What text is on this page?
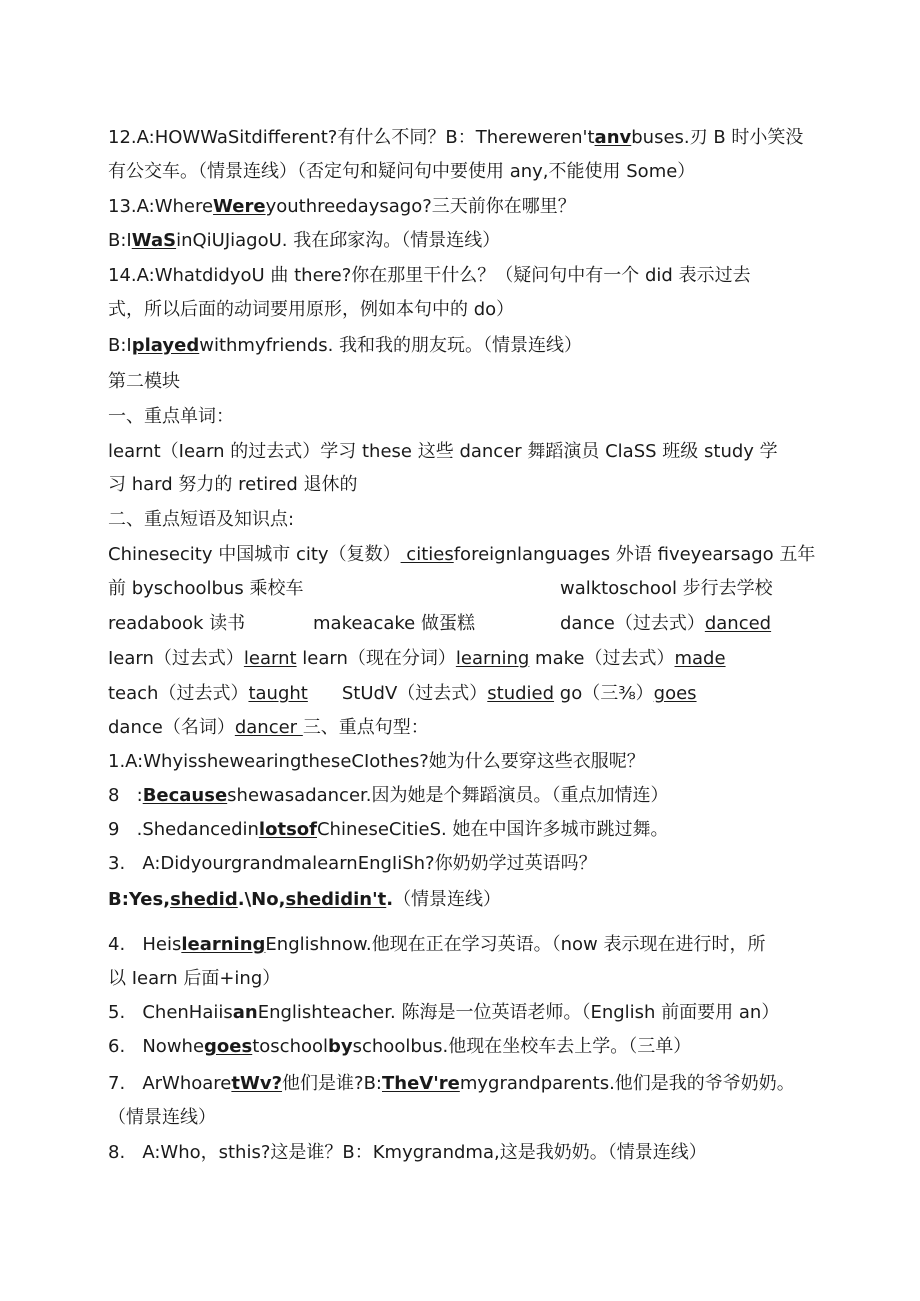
12.A:HOWWaSitdifferent?有什么不同？B：Thereweren'tanvbuses.刃 B 时小笑没
有公交车。（情景连线）（否定句和疑问句中要使用 any,不能使用 Some）
13.A:WhereWereyouthreedaysago?三天前你在哪里？
B:IWaSinQiUJiagoU. 我在邱家沟。（情景连线）
14.A:WhatdidyoU 曲 there?你在那里干什么？（疑问句中有一个 did 表示过去
式，所以后面的动词要用原形，例如本句中的 do）
B:Iplayedwithmyfriends. 我和我的朋友玩。（情景连线）
第二模块
一、重点单词：
learnt（Iearn 的过去式）学习 these 这些 dancer 舞蹈演员 ClaSS 班级 study 学
习 hard 努力的 retired 退休的
二、重点短语及知识点:
Chinesecity 中国城市 city（复数） citiesforeignlanguages 外语 fiveyearsago 五年
前 byschoolbus 乘校车	walktoschool 步行去学校
readabook 读书	makeacake 做蛋糕	dance（过去式）danced
Iearn（过去式）learnt learn（现在分词）learning make（过去式）made
teach（过去式）taught StUdV（过去式）studied go（三⅜）goes
dance（名词）dancer 三、重点句型：
1.A:WhyisshewearingtheseCIothes?她为什么要穿这些衣服呢？
8   :Becauseshewasadancer.因为她是个舞蹈演员。（重点加情连）
9   .ShedancedinlotsofChineseCitieS. 她在中国许多城市跳过舞。
3.   A:DidyourgrandmalearnEngIiSh?你奶奶学过英语吗？
B:Yes,shedid.\No,shedidin't.（情景连线）
4.   HeislearningEnglishnow.他现在正在学习英语。（now 表示现在进行时，所
以 Iearn 后面+ing）
5.   ChenHaiisanEnglishteacher. 陈海是一位英语老师。（English 前面要用 an）
6.   Nowhegoestoschoolbyschoolbus.他现在坐校车去上学。（三单）
7.   ArWhoaretWv?他们是谁?B:TheV'remygrandparents.他们是我的爷爷奶奶。
（情景连线）
8.   A:Who，sthis?这是谁？B：Kmygrandma,这是我奶奶。（情景连线）
